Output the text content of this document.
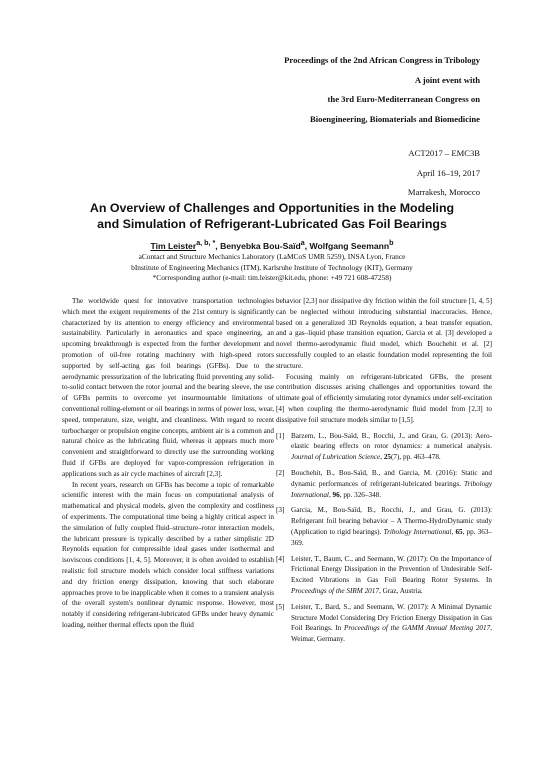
Proceedings of the 2nd African Congress in Tribology
A joint event with
the 3rd Euro-Mediterranean Congress on
Bioengineering, Biomaterials and Biomedicine
ACT2017 – EMC3B
April 16–19, 2017
Marrakesh, Morocco
An Overview of Challenges and Opportunities in the Modeling
and Simulation of Refrigerant-Lubricated Gas Foil Bearings
Tim Leister$^{a, b, *}$, Benyebka Bou-Saïd$^a$, Wolfgang Seemann$^b$
aContact and Structure Mechanics Laboratory (LaMCoS UMR 5259), INSA Lyon, France
bInstitute of Engineering Mechanics (ITM), Karlsruhe Institute of Technology (KIT), Germany
*Corresponding author (e-mail: tim.leister@kit.edu, phone: +49 721 608-47258)

The worldwide quest for innovative transportation technologies which meet the exigent requirements of the 21st century is significantly characterized by its attention to energy efficiency and environmental sustainability. Particularly in aeronautics and space engineering, an upcoming breakthrough is expected from the further development and promotion of oil-free rotating machinery with high-speed rotors supported by self-acting gas foil bearings (GFBs). Due to the aerodynamic pressurization of the lubricating fluid preventing any solid-to-solid contact between the rotor journal and the bearing sleeve, the use of GFBs permits to overcome yet insurmountable limitations of conventional rolling-element or oil bearings in terms of power loss, wear, speed, temperature, size, weight, and cleanliness. With regard to recent turbocharger or propulsion engine concepts, ambient air is a common and natural choice as the lubricating fluid, whereas it appears much more convenient and straightforward to directly use the surrounding working fluid if GFBs are deployed for vapor-compression refrigeration in applications such as air cycle machines of aircraft [2,3].

In recent years, research on GFBs has become a topic of remarkable scientific interest with the main focus on computational analysis of mathematical and physical models, given the complexity and costliness of experiments. The computational time being a highly critical aspect in the simulation of fully coupled fluid–structure–rotor interaction models, the lubricant pressure is typically described by a rather simplistic 2D Reynolds equation for compressible ideal gases under isothermal and isoviscous conditions [1, 4, 5]. Moreover, it is often avoided to establish realistic foil structure models which consider local stiffness variations and dry friction energy dissipation, knowing that such elaborate approaches prove to be inapplicable when it comes to a transient analysis of the overall system's nonlinear dynamic response. However, most notably if considering refrigerant-lubricated GFBs under heavy dynamic loading, neither thermal effects upon the fluid

behavior [2,3] nor dissipative dry friction within the foil structure [1, 4, 5] can be neglected without introducing substantial inaccuracies. Hence, based on a generalized 3D Reynolds equation, a heat transfer equation, and a gas–liquid phase transition equation, Garcia et al. [3] developed a novel thermo-aerodynamic fluid model, which Bouchehit et al. [2] successfully coupled to an elastic foundation model representing the foil structure.

Focusing mainly on refrigerant-lubricated GFBs, the present contribution discusses arising challenges and opportunities toward the ultimate goal of efficiently simulating rotor dynamics under self-excitation [4] when coupling the thermo-aerodynamic fluid model from [2,3] to dissipative foil structure models similar to [1,5].

[1] Barzem, L., Bou-Saïd, B., Rocchi, J., and Grau, G. (2013): Aero-elastic bearing effects on rotor dynamics: a numerical analysis. Journal of Lubrication Science, 25(7), pp. 463–478.
[2] Bouchehit, B., Bou-Saïd, B., and Garcia, M. (2016): Static and dynamic performances of refrigerant-lubricated bearings. Tribology International, 96, pp. 326–348.
[3] Garcia, M., Bou-Saïd, B., Rocchi, J., and Grau, G. (2013): Refrigerant foil bearing behavior – A Thermo-HydroDynamic study (Application to rigid bearings). Tribology International, 65, pp. 363–369.
[4] Leister, T., Baum, C., and Seemann, W. (2017): On the Importance of Frictional Energy Dissipation in the Prevention of Undesirable Self-Excited Vibrations in Gas Foil Bearing Rotor Systems. In Proceedings of the SIRM 2017, Graz, Austria.
[5] Leister, T., Bard, S., and Seemann, W. (2017): A Minimal Dynamic Structure Model Considering Dry Friction Energy Dissipation in Gas Foil Bearings. In Proceedings of the GAMM Annual Meeting 2017, Weimar, Germany.
